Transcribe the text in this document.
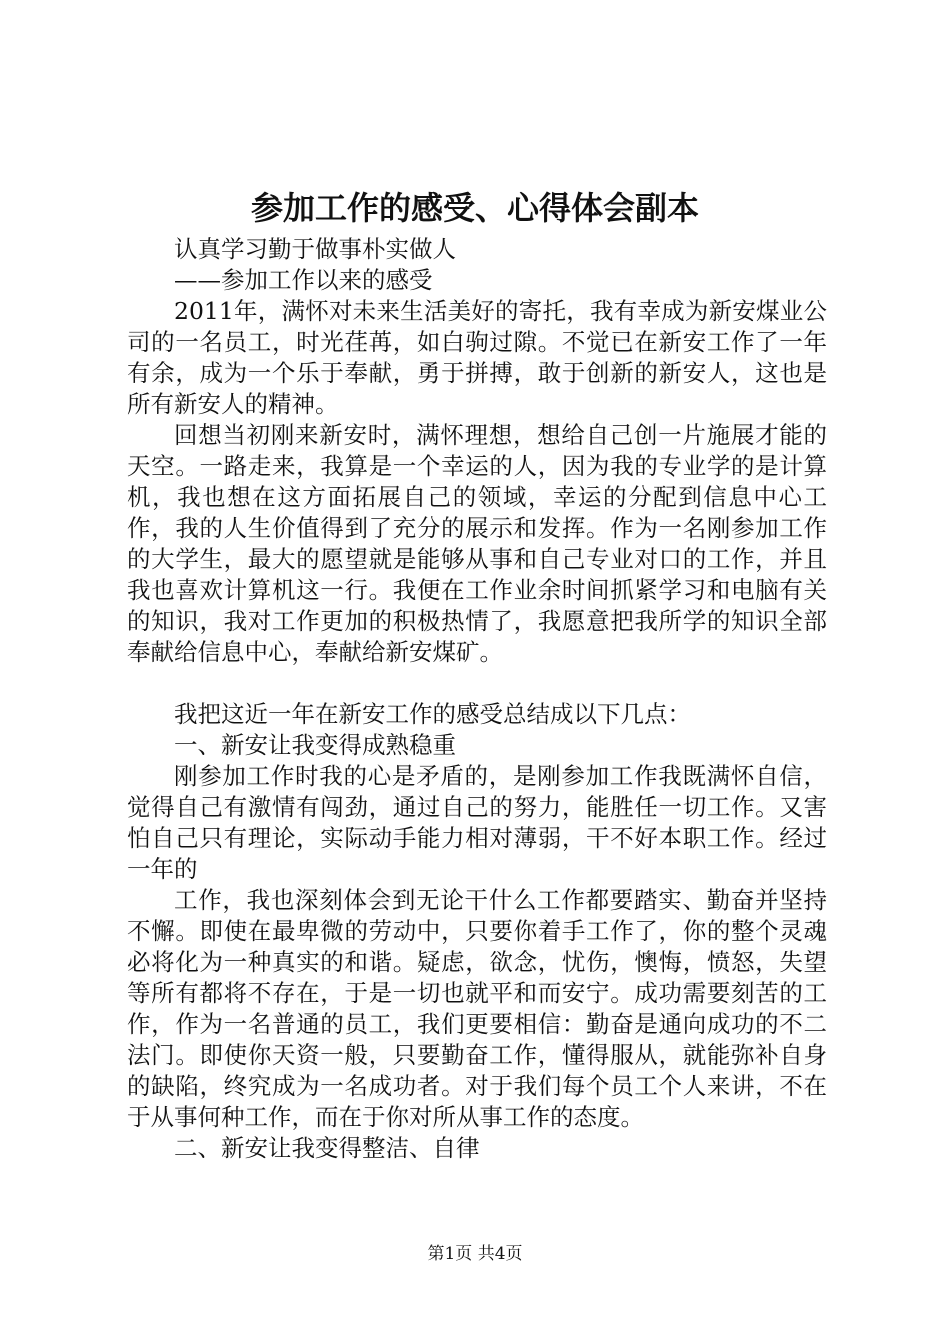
参加工作的感受、心得体会副本

认真学习勤于做事朴实做人

——参加工作以来的感受

2011年，满怀对未来生活美好的寄托，我有幸成为新安煤业公司的一名员工，时光荏苒，如白驹过隙。不觉已在新安工作了一年有余，成为一个乐于奉献，勇于拼搏，敢于创新的新安人，这也是所有新安人的精神。

回想当初刚来新安时，满怀理想，想给自己创一片施展才能的天空。一路走来，我算是一个幸运的人，因为我的专业学的是计算机，我也想在这方面拓展自己的领域，幸运的分配到信息中心工作，我的人生价值得到了充分的展示和发挥。作为一名刚参加工作的大学生，最大的愿望就是能够从事和自己专业对口的工作，并且我也喜欢计算机这一行。我便在工作业余时间抓紧学习和电脑有关的知识，我对工作更加的积极热情了，我愿意把我所学的知识全部奉献给信息中心，奉献给新安煤矿。

我把这近一年在新安工作的感受总结成以下几点：

一、新安让我变得成熟稳重

刚参加工作时我的心是矛盾的，是刚参加工作我既满怀自信，觉得自己有激情有闯劲，通过自己的努力，能胜任一切工作。又害怕自己只有理论，实际动手能力相对薄弱，干不好本职工作。经过一年的

工作，我也深刻体会到无论干什么工作都要踏实、勤奋并坚持不懈。即使在最卑微的劳动中，只要你着手工作了，你的整个灵魂必将化为一种真实的和谐。疑虑，欲念，忧伤，懊悔，愤怒，失望等所有都将不存在，于是一切也就平和而安宁。成功需要刻苦的工作，作为一名普通的员工，我们更要相信：勤奋是通向成功的不二法门。即使你天资一般，只要勤奋工作，懂得服从，就能弥补自身的缺陷，终究成为一名成功者。对于我们每个员工个人来讲，不在于从事何种工作，而在于你对所从事工作的态度。

二、新安让我变得整洁、自律

第1页 共4页
